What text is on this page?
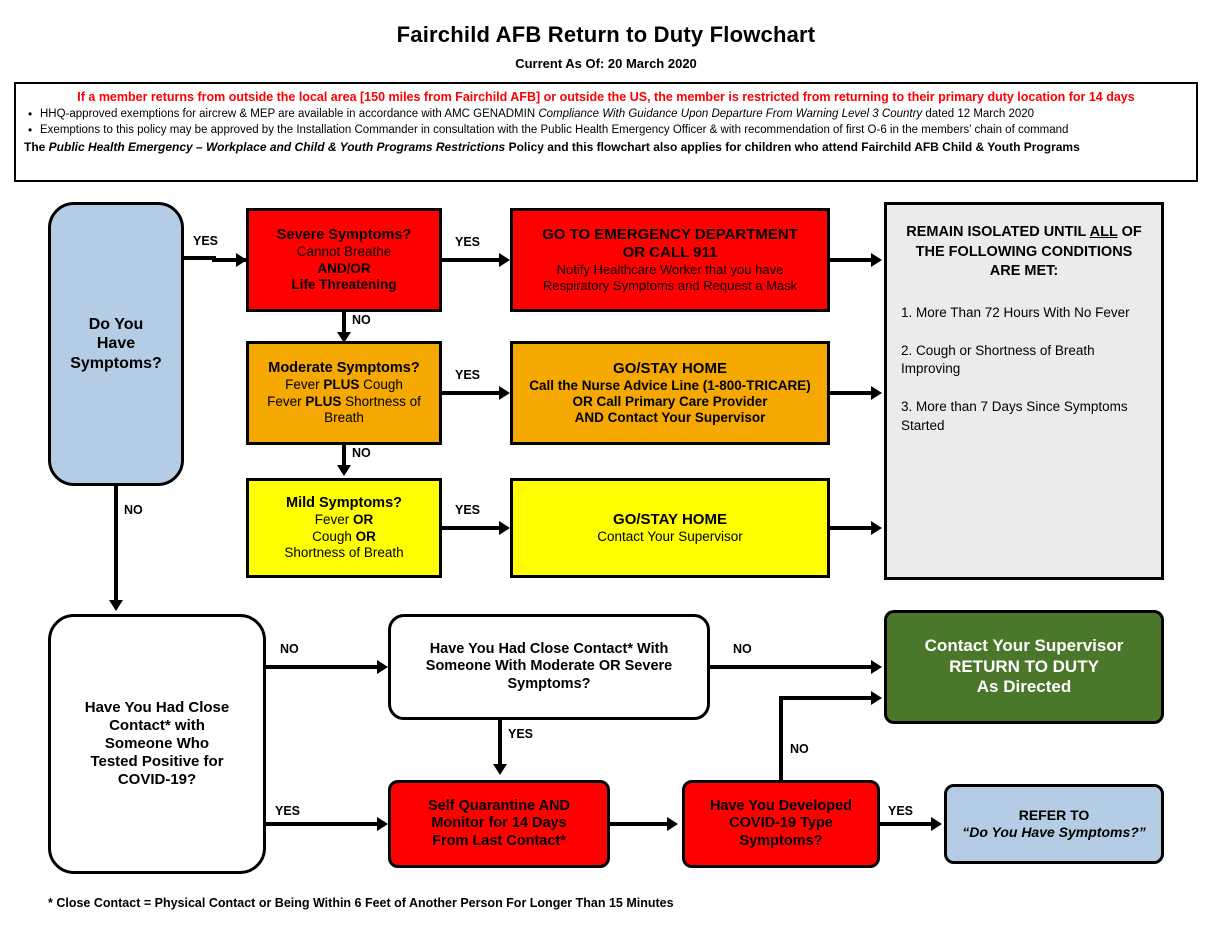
Fairchild AFB Return to Duty Flowchart
Current As Of: 20 March 2020
If a member returns from outside the local area [150 miles from Fairchild AFB] or outside the US, the member is restricted from returning to their primary duty location for 14 days
• HHQ-approved exemptions for aircrew & MEP are available in accordance with AMC GENADMIN Compliance With Guidance Upon Departure From Warning Level 3 Country dated 12 March 2020
• Exemptions to this policy may be approved by the Installation Commander in consultation with the Public Health Emergency Officer & with recommendation of first O-6 in the members’ chain of command
The Public Health Emergency – Workplace and Child & Youth Programs Restrictions Policy and this flowchart also applies for children who attend Fairchild AFB Child & Youth Programs
Do You
Have
Symptoms?
Severe Symptoms?
Cannot Breathe
AND/OR
Life Threatening
GO TO EMERGENCY DEPARTMENT
OR CALL 911
Notify Healthcare Worker that you have
Respiratory Symptoms and Request a Mask
Moderate Symptoms?
Fever PLUS Cough
Fever PLUS Shortness of
Breath
GO/STAY HOME
Call the Nurse Advice Line (1-800-TRICARE)
OR Call Primary Care Provider
AND Contact Your Supervisor
Mild Symptoms?
Fever OR
Cough OR
Shortness of Breath
GO/STAY HOME
Contact Your Supervisor
REMAIN ISOLATED UNTIL ALL OF
THE FOLLOWING CONDITIONS
ARE MET:
1. More Than 72 Hours With No Fever
2. Cough or Shortness of Breath Improving
3. More than 7 Days Since Symptoms Started
YES	YES
NO
YES
NO
YES
NO
Have You Had Close
Contact* with
Someone Who
Tested Positive for
COVID-19?
Have You Had Close Contact* With
Someone With Moderate OR Severe
Symptoms?
Contact Your Supervisor
RETURN TO DUTY
As Directed
Self Quarantine AND
Monitor for 14 Days
From Last Contact*
Have You Developed
COVID-19 Type
Symptoms?
REFER TO
“Do You Have Symptoms?”
NO
YES
NO
YES
YES
NO
* Close Contact = Physical Contact or Being Within 6 Feet of Another Person For Longer Than 15 Minutes
